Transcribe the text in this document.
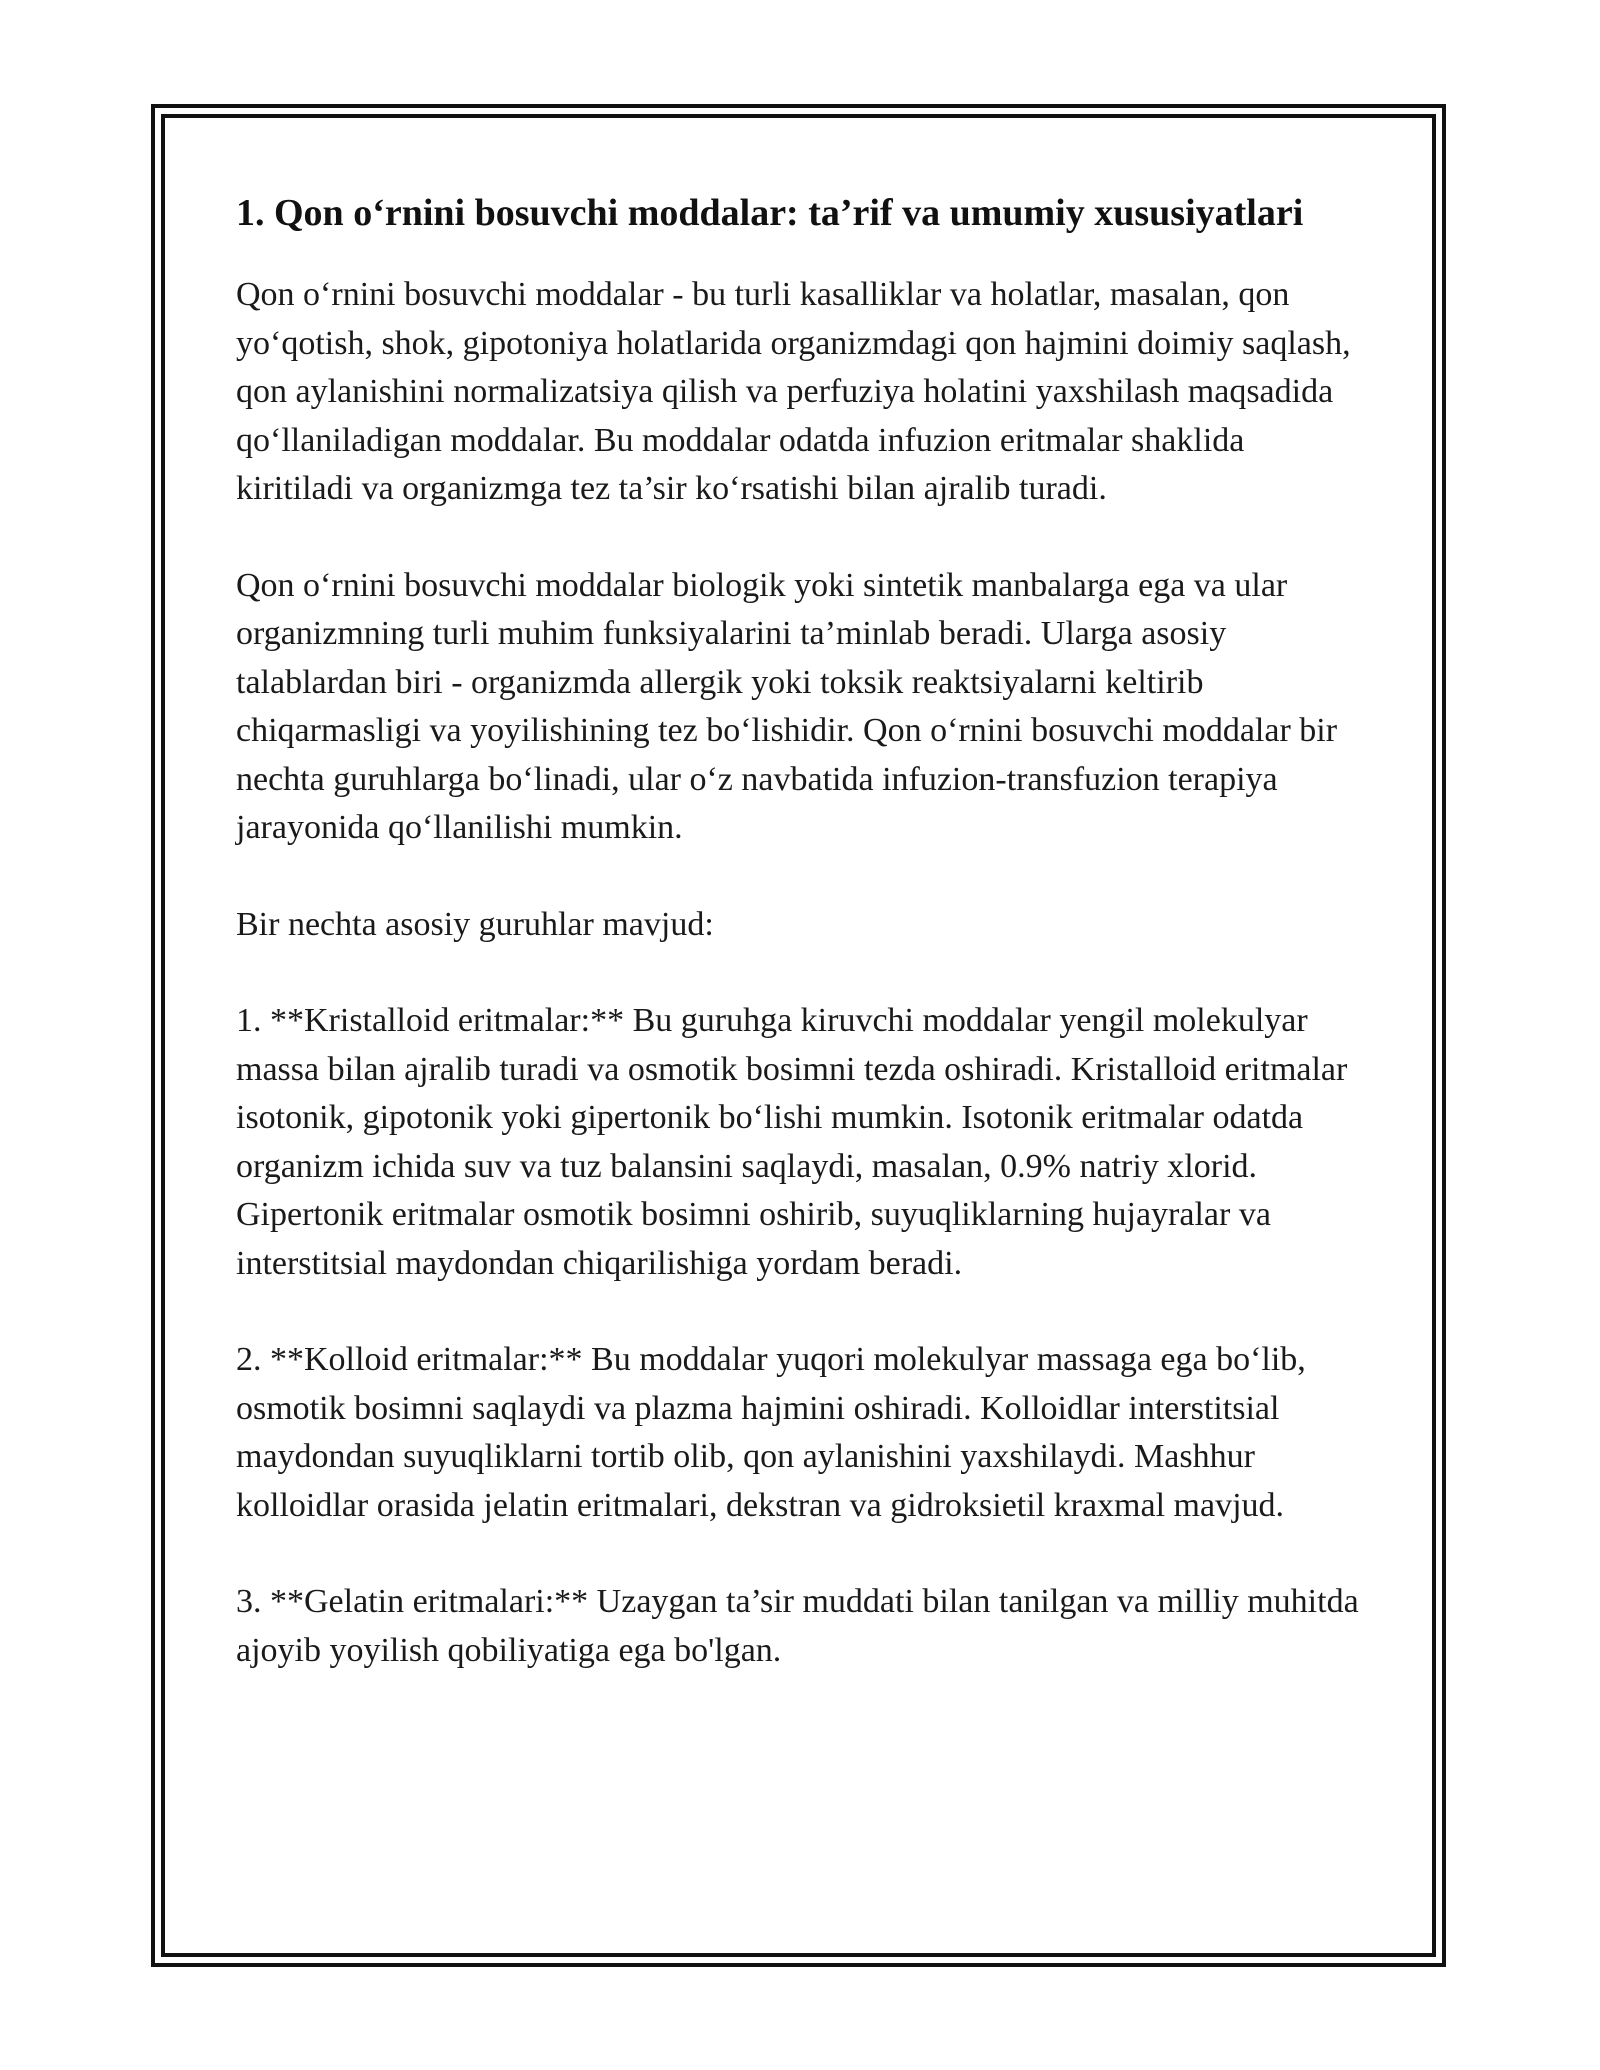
1. Qon o‘rnini bosuvchi moddalar: ta’rif va umumiy xususiyatlari

Qon o‘rnini bosuvchi moddalar - bu turli kasalliklar va holatlar, masalan, qon yo‘qotish, shok, gipotoniya holatlarida organizmdagi qon hajmini doimiy saqlash, qon aylanishini normalizatsiya qilish va perfuziya holatini yaxshilash maqsadida qo‘llaniladigan moddalar. Bu moddalar odatda infuzion eritmalar shaklida kiritiladi va organizmga tez ta’sir ko‘rsatishi bilan ajralib turadi.

Qon o‘rnini bosuvchi moddalar biologik yoki sintetik manbalarga ega va ular organizmning turli muhim funksiyalarini ta’minlab beradi. Ularga asosiy talablardan biri - organizmda allergik yoki toksik reaktsiyalarni keltirib chiqarmasligi va yoyilishining tez bo‘lishidir. Qon o‘rnini bosuvchi moddalar bir nechta guruhlarga bo‘linadi, ular o‘z navbatida infuzion-transfuzion terapiya jarayonida qo‘llanilishi mumkin.

Bir nechta asosiy guruhlar mavjud:

1. **Kristalloid eritmalar:** Bu guruhga kiruvchi moddalar yengil molekulyar massa bilan ajralib turadi va osmotik bosimni tezda oshiradi. Kristalloid eritmalar isotonik, gipotonik yoki gipertonik bo‘lishi mumkin. Isotonik eritmalar odatda organizm ichida suv va tuz balansini saqlaydi, masalan, 0.9% natriy xlorid. Gipertonik eritmalar osmotik bosimni oshirib, suyuqliklarning hujayralar va interstitsial maydondan chiqarilishiga yordam beradi.

2. **Kolloid eritmalar:** Bu moddalar yuqori molekulyar massaga ega bo‘lib, osmotik bosimni saqlaydi va plazma hajmini oshiradi. Kolloidlar interstitsial maydondan suyuqliklarni tortib olib, qon aylanishini yaxshilaydi. Mashhur kolloidlar orasida jelatin eritmalari, dekstran va gidroksietil kraxmal mavjud.

3. **Gelatin eritmalari:** Uzaygan ta’sir muddati bilan tanilgan va milliy muhitda ajoyib yoyilish qobiliyatiga ega bo'lgan.
